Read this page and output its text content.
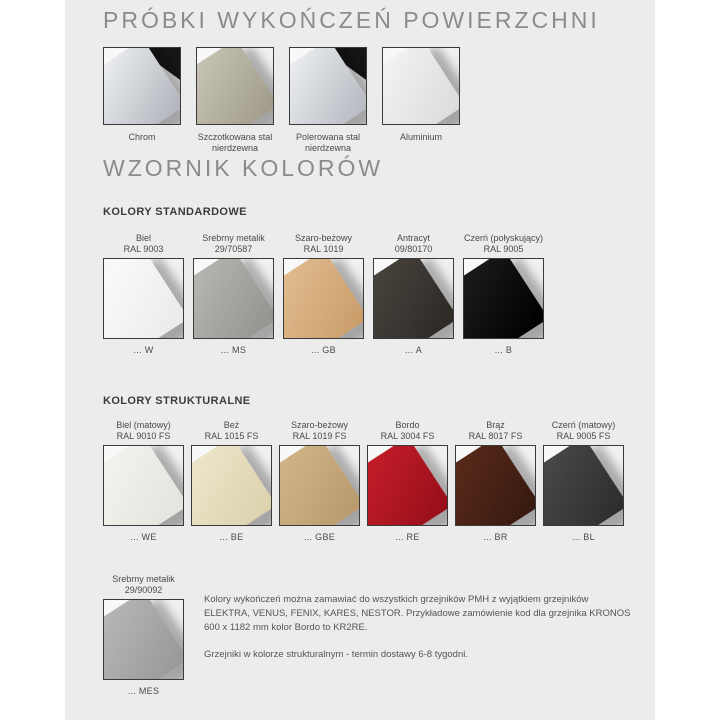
PRÓBKI WYKOŃCZEŃ POWIERZCHNI
Chrom	Szczotkowana stal nierdzewna
Polerowana stal nierdzewna
Aluminium
WZORNIK KOLORÓW

KOLORY STANDARDOWE

Biel
RAL 9003
... W
Srebrny metalik
29/70587
... MS
Szaro-beżowy
RAL 1019
... GB
Antracyt
09/80170
... A
Czerń (połyskujący)
RAL 9005
... B

KOLORY STRUKTURALNE

Biel (matowy)
RAL 9010 FS
... WE
Beż
RAL 1015 FS
... BE
Szaro-beżowy
RAL 1019 FS
... GBE
Bordo
RAL 3004 FS
... RE
Brąz
RAL 8017 FS
... BR
Czerń (matowy)
RAL 9005 FS
... BL
Srebrny metalik
29/90092
... MES

Kolory wykończeń można zamawiać do wszystkich grzejników PMH z wyjątkiem grzejników ELEKTRA, VENUS, FENIX, KARES, NESTOR. Przykładowe zamówienie kod dla grzejnika KRONOS 600 x 1182 mm kolor Bordo to KR2RE.

Grzejniki w kolorze strukturalnym - termin dostawy 6-8 tygodni.
